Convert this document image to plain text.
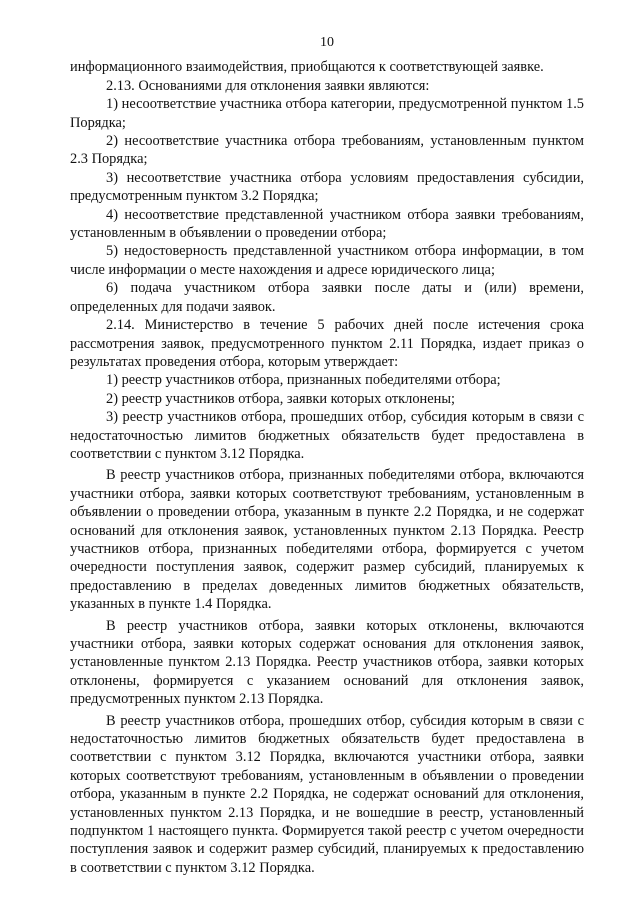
10

информационного взаимодействия, приобщаются к соответствующей заявке.

2.13. Основаниями для отклонения заявки являются:

1) несоответствие участника отбора категории, предусмотренной пунктом 1.5 Порядка;

2) несоответствие участника отбора требованиям, установленным пунктом 2.3 Порядка;

3) несоответствие участника отбора условиям предоставления субсидии, предусмотренным пунктом 3.2 Порядка;

4) несоответствие представленной участником отбора заявки требованиям, установленным в объявлении о проведении отбора;

5) недостоверность представленной участником отбора информации, в том числе информации о месте нахождения и адресе юридического лица;

6) подача участником отбора заявки после даты и (или) времени, определенных для подачи заявок.

2.14. Министерство в течение 5 рабочих дней после истечения срока рассмотрения заявок, предусмотренного пунктом 2.11 Порядка, издает приказ о результатах проведения отбора, которым утверждает:

1) реестр участников отбора, признанных победителями отбора;

2) реестр участников отбора, заявки которых отклонены;

3) реестр участников отбора, прошедших отбор, субсидия которым в связи с недостаточностью лимитов бюджетных обязательств будет предоставлена в соответствии с пунктом 3.12 Порядка.

В реестр участников отбора, признанных победителями отбора, включаются участники отбора, заявки которых соответствуют требованиям, установленным в объявлении о проведении отбора, указанным в пункте 2.2 Порядка, и не содержат оснований для отклонения заявок, установленных пунктом 2.13 Порядка. Реестр участников отбора, признанных победителями отбора, формируется с учетом очередности поступления заявок, содержит размер субсидий, планируемых к предоставлению в пределах доведенных лимитов бюджетных обязательств, указанных в пункте 1.4 Порядка.

В реестр участников отбора, заявки которых отклонены, включаются участники отбора, заявки которых содержат основания для отклонения заявок, установленные пунктом 2.13 Порядка. Реестр участников отбора, заявки которых отклонены, формируется с указанием оснований для отклонения заявок, предусмотренных пунктом 2.13 Порядка.

В реестр участников отбора, прошедших отбор, субсидия которым в связи с недостаточностью лимитов бюджетных обязательств будет предоставлена в соответствии с пунктом 3.12 Порядка, включаются участники отбора, заявки которых соответствуют требованиям, установленным в объявлении о проведении отбора, указанным в пункте 2.2 Порядка, не содержат оснований для отклонения, установленных пунктом 2.13 Порядка, и не вошедшие в реестр, установленный подпунктом 1 настоящего пункта. Формируется такой реестр с учетом очередности поступления заявок и содержит размер субсидий, планируемых к предоставлению в соответствии с пунктом 3.12 Порядка.
